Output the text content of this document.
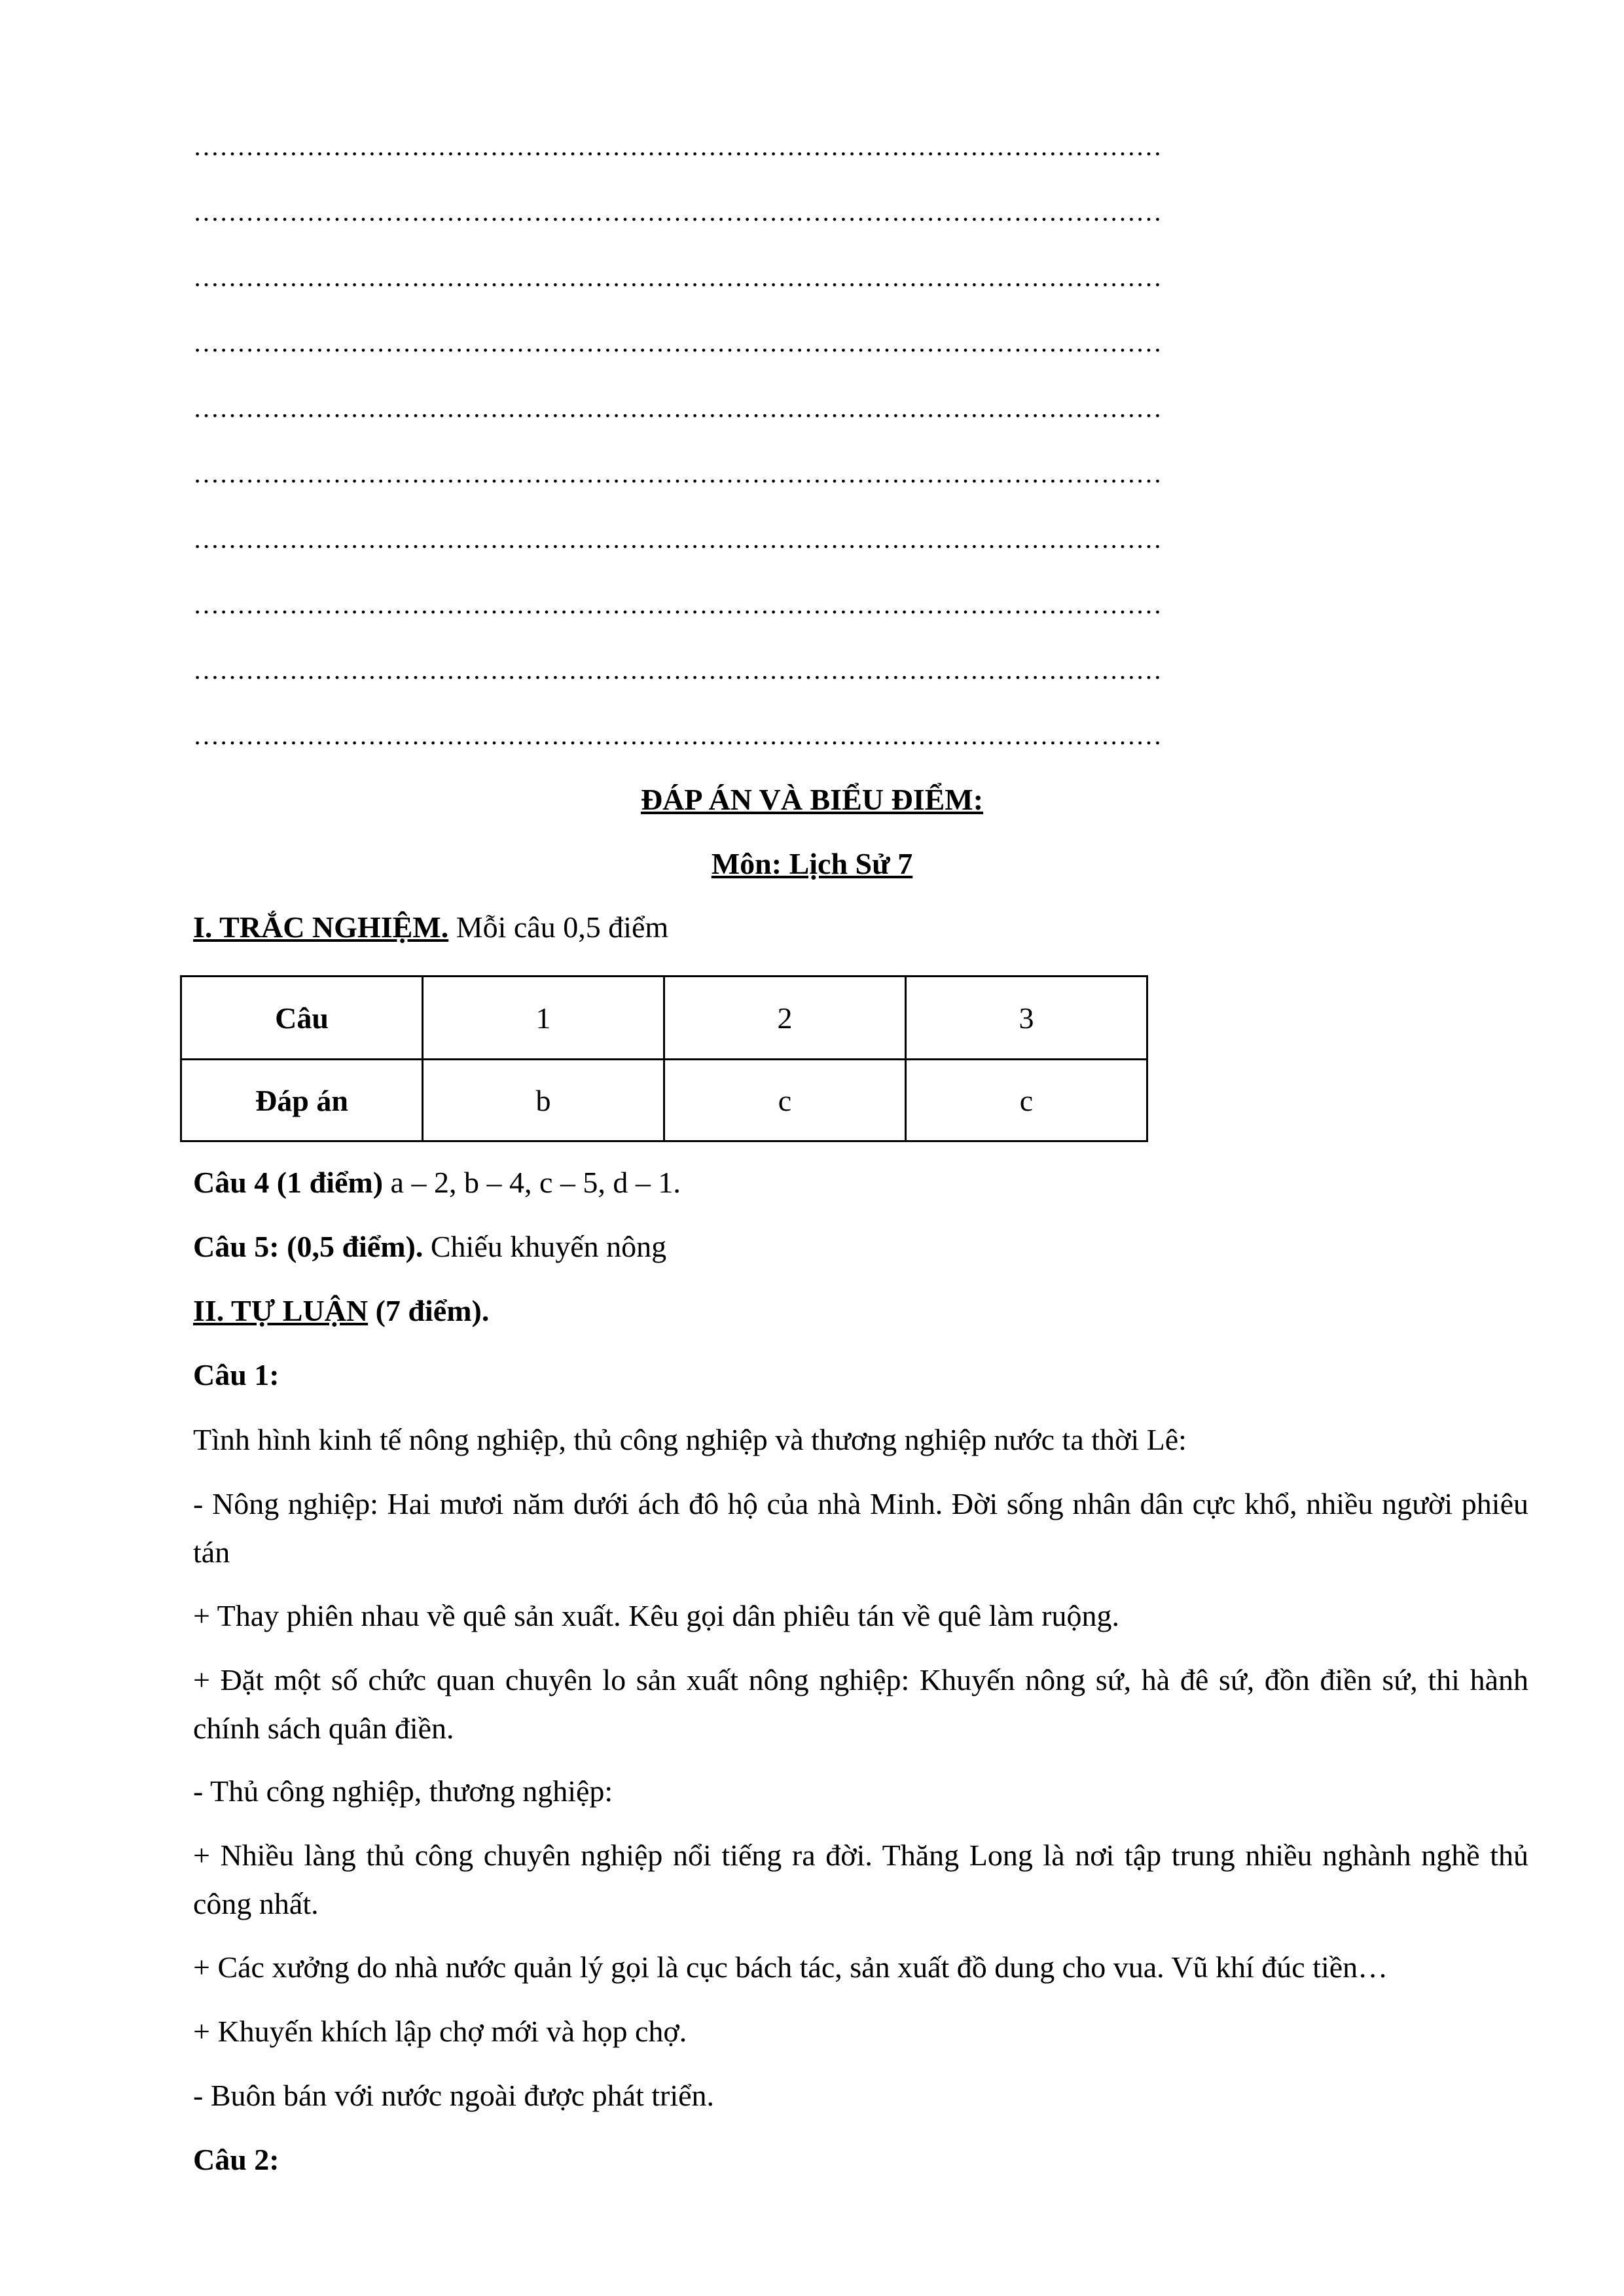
…………………………………………………………………………………………………
…………………………………………………………………………………………………
…………………………………………………………………………………………………
…………………………………………………………………………………………………
…………………………………………………………………………………………………
…………………………………………………………………………………………………
…………………………………………………………………………………………………
…………………………………………………………………………………………………
…………………………………………………………………………………………………
…………………………………………………………………………………………………
ĐÁP ÁN VÀ BIỂU ĐIỂM:
Môn: Lịch Sử 7
I. TRẮC NGHIỆM. Mỗi câu 0,5 điểm
Câu	1	2	3
Đáp án	b	c	c
Câu 4 (1 điểm) a – 2, b – 4, c – 5, d – 1.
Câu 5: (0,5 điểm). Chiếu khuyến nông
II. TỰ LUẬN (7 điểm).
Câu 1:
Tình hình kinh tế nông nghiệp, thủ công nghiệp và thương nghiệp nước ta thời Lê:
- Nông nghiệp: Hai mươi năm dưới ách đô hộ của nhà Minh. Đời sống nhân dân cực khổ, nhiều người phiêu tán
+ Thay phiên nhau về quê sản xuất. Kêu gọi dân phiêu tán về quê làm ruộng.
+ Đặt một số chức quan chuyên lo sản xuất nông nghiệp: Khuyến nông sứ, hà đê sứ, đồn điền sứ, thi hành chính sách quân điền.
- Thủ công nghiệp, thương nghiệp:
+ Nhiều làng thủ công chuyên nghiệp nổi tiếng ra đời. Thăng Long là nơi tập trung nhiều nghành nghề thủ công nhất.
+ Các xưởng do nhà nước quản lý gọi là cục bách tác, sản xuất đồ dung cho vua. Vũ khí đúc tiền…
+ Khuyến khích lập chợ mới và họp chợ.
- Buôn bán với nước ngoài được phát triển.
Câu 2:
